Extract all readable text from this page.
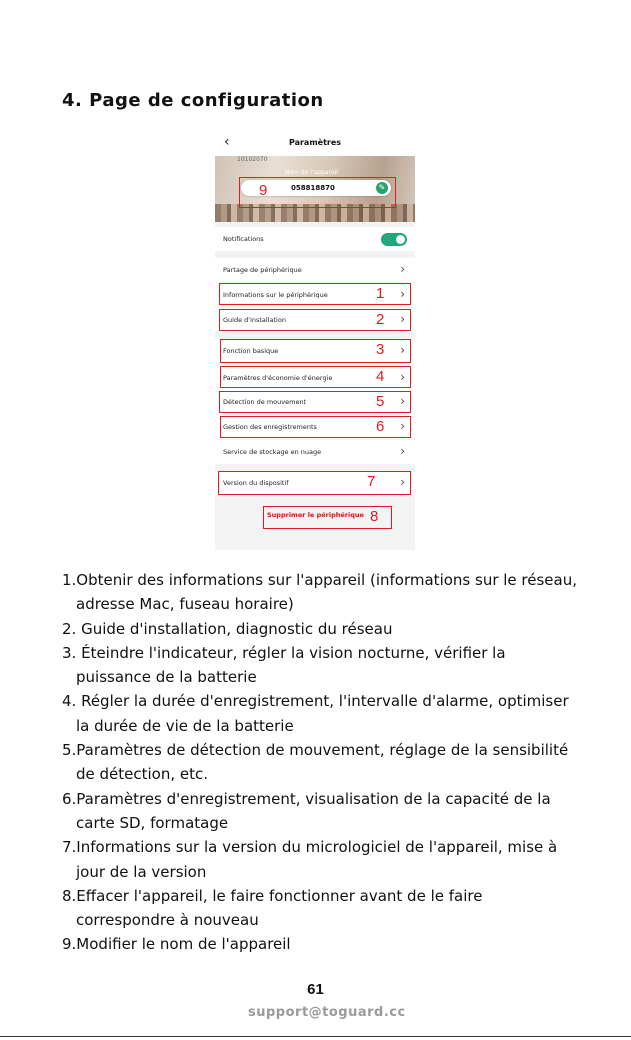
4. Page de configuration
‹	Paramètres
10102070
Nom de l'appareil
058818870	✎
Notifications
Partage de périphérique	›
Informations sur le périphérique	›
Guide d'installation	›
Fonction basique	›
Paramètres d'économie d'énergie	›
Détection de mouvement	›
Gestion des enregistrements	›
Service de stockage en nuage	›
Version du dispositif	›
Supprimer le périphérique
9
1
2
3
4
5
6
7
8

1.Obtenir des informations sur l'appareil (informations sur le réseau, adresse Mac, fuseau horaire)

2. Guide d'installation, diagnostic du réseau

3. Éteindre l'indicateur, régler la vision nocturne, vérifier la puissance de la batterie

4. Régler la durée d'enregistrement, l'intervalle d'alarme, optimiser la durée de vie de la batterie

5.Paramètres de détection de mouvement, réglage de la sensibilité de détection, etc.

6.Paramètres d'enregistrement, visualisation de la capacité de la carte SD, formatage

7.Informations sur la version du micrologiciel de l'appareil, mise à jour de la version

8.Effacer l'appareil, le faire fonctionner avant de le faire correspondre à nouveau

9.Modifier le nom de l'appareil

61
support@toguard.cc
